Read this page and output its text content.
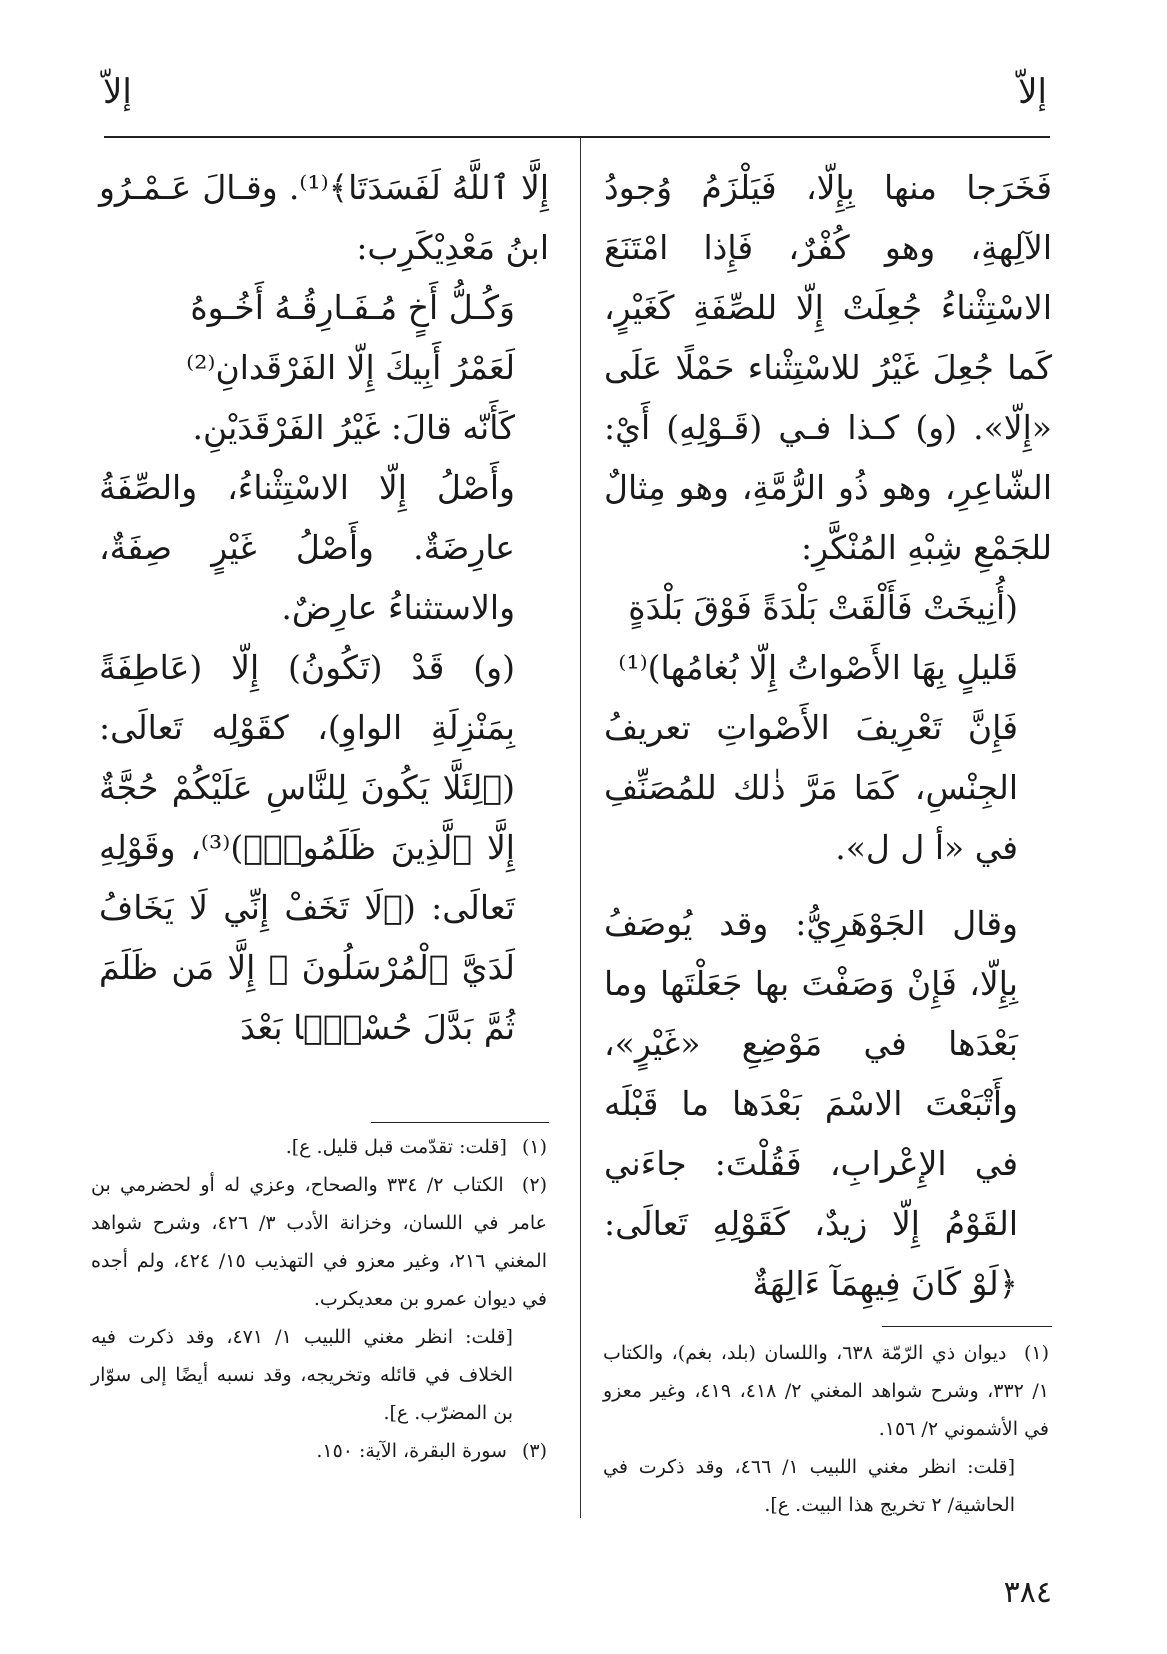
إلاّ
إلاّ

فَخَرَجا منها بِإِلّا، فَيَلْزَمُ وُجودُ الآلِهةِ، وهو كُفْرٌ، فَإِذا امْتَنَعَ الاسْتِثْناءُ جُعِلَتْ إِلّا للصِّفَةِ كَغَيْرٍ، كَما جُعِلَ غَيْرُ للاسْتِثْناء حَمْلًا عَلَى «إِلّا». (و) كـذا فـي (قَـوْلِهِ) أَيْ: الشّاعِرِ، وهو ذُو الرُّمَّةِ، وهو مِثالٌ للجَمْعِ شِبْهِ المُنْكَّرِ:

(أُنِيخَتْ فَأَلْقَتْ بَلْدَةً فَوْقَ بَلْدَةٍ

قَليلٍ بِهَا الأَصْواتُ إِلّا بُغامُها)⁽¹⁾

فَإِنَّ تَعْرِيفَ الأَصْواتِ تعريفُ الجِنْسِ، كَمَا مَرَّ ذٰلك للمُصَنِّفِ في «أ ل ل».

وقال الجَوْهَرِيُّ: وقد يُوصَفُ بِإِلّا، فَإِنْ وَصَفْتَ بها جَعَلْتَها وما بَعْدَها في مَوْضِعِ «غَيْرٍ»، وأَتْبَعْتَ الاسْمَ بَعْدَها ما قَبْلَه في الإِعْرابِ، فَقُلْتَ: جاءَني القَوْمُ إِلّا زيدٌ، كَقَوْلِهِ تَعالَى: ﴿لَوْ كَانَ فِيهِمَآ ءَالِهَةٌ

إِلَّا ٱللَّهُ لَفَسَدَتَا﴾⁽¹⁾. وقـالَ عَـمْـرُو ابنُ مَعْدِيْكَرِب:

وَكُـلُّ أَخٍ مُـفَـارِقُـهُ أَخُـوهُ

لَعَمْرُ أَبِيكَ إِلّا الفَرْقَدانِ⁽²⁾

كَأَنّه قالَ: غَيْرُ الفَرْقَدَيْنِ.

وأَصْلُ إِلّا الاسْتِثْناءُ، والصِّفَةُ عارِضَةٌ. وأَصْلُ غَيْرٍ صِفَةٌ، والاستثناءُ عارِضٌ.

(و) قَدْ (تَكُونُ) إِلّا (عَاطِفَةً بِمَنْزِلَةِ الواوِ)، كقَوْلِه تَعالَى: (﴿لِئَلَّا يَكُونَ لِلنَّاسِ عَلَيْكُمْ حُجَّةٌ إِلَّا ٱلَّذِينَ ظَلَمُوا۟﴾)⁽³⁾، وقَوْلِهِ تَعالَى: (﴿لَا تَخَفْ إِنِّي لَا يَخَافُ لَدَيَّ ٱلْمُرْسَلُونَ ۞ إِلَّا مَن ظَلَمَ ثُمَّ بَدَّلَ حُسْنًۢا بَعْدَ

(١) ديوان ذي الرّمّة ٦٣٨، واللسان (بلد، بغم)، والكتاب ١/ ٣٣٢، وشرح شواهد المغني ٢/ ٤١٨، ٤١٩، وغير معزو في الأشموني ٢/ ١٥٦.

[قلت: انظر مغني اللبيب ١/ ٤٦٦، وقد ذكرت في الحاشية/ ٢ تخريج هذا البيت. ع].

(١) [قلت: تقدّمت قبل قليل. ع].

(٢) الكتاب ٢/ ٣٣٤ والصحاح، وعزي له أو لحضرمي بن عامر في اللسان، وخزانة الأدب ٣/ ٤٢٦، وشرح شواهد المغني ٢١٦، وغير معزو في التهذيب ١٥/ ٤٢٤، ولم أجده في ديوان عمرو بن معديكرب.

[قلت: انظر مغني اللبيب ١/ ٤٧١، وقد ذكرت فيه الخلاف في قائله وتخريجه، وقد نسبه أيضًا إلى سوّار بن المضرّب. ع].

(٣) سورة البقرة، الآية: ١٥٠.

٣٨٤
